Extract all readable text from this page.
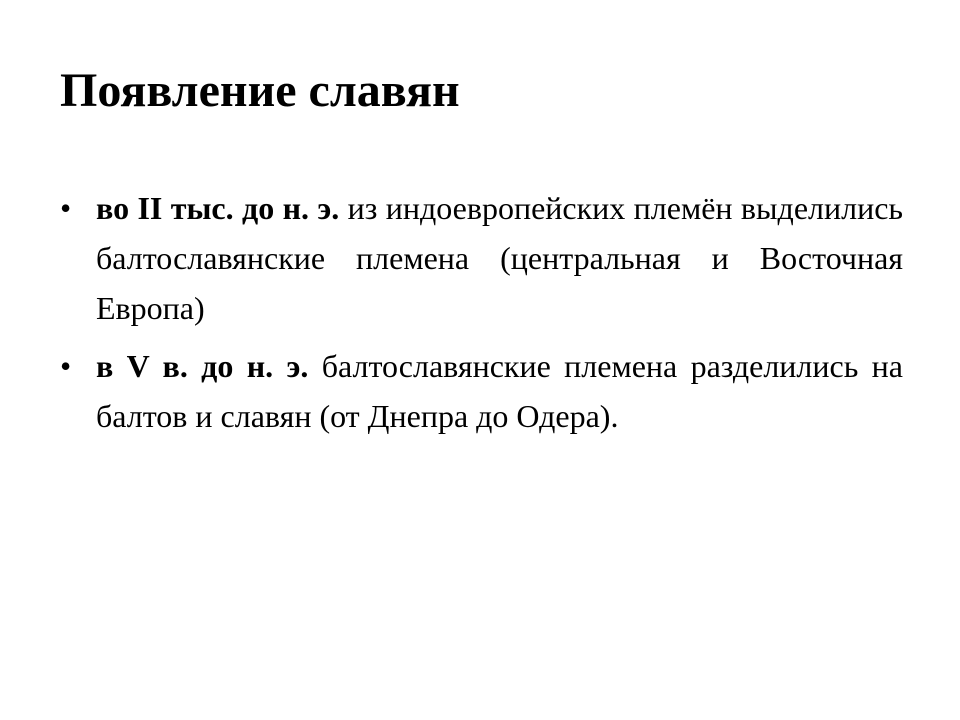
Появление славян
• во II тыс. до н. э. из индоевропейских племён выделились балтославянские племена (центральная и Восточная Европа)
• в V в. до н. э. балтославянские племена разделились на балтов и славян (от Днепра до Одера).
